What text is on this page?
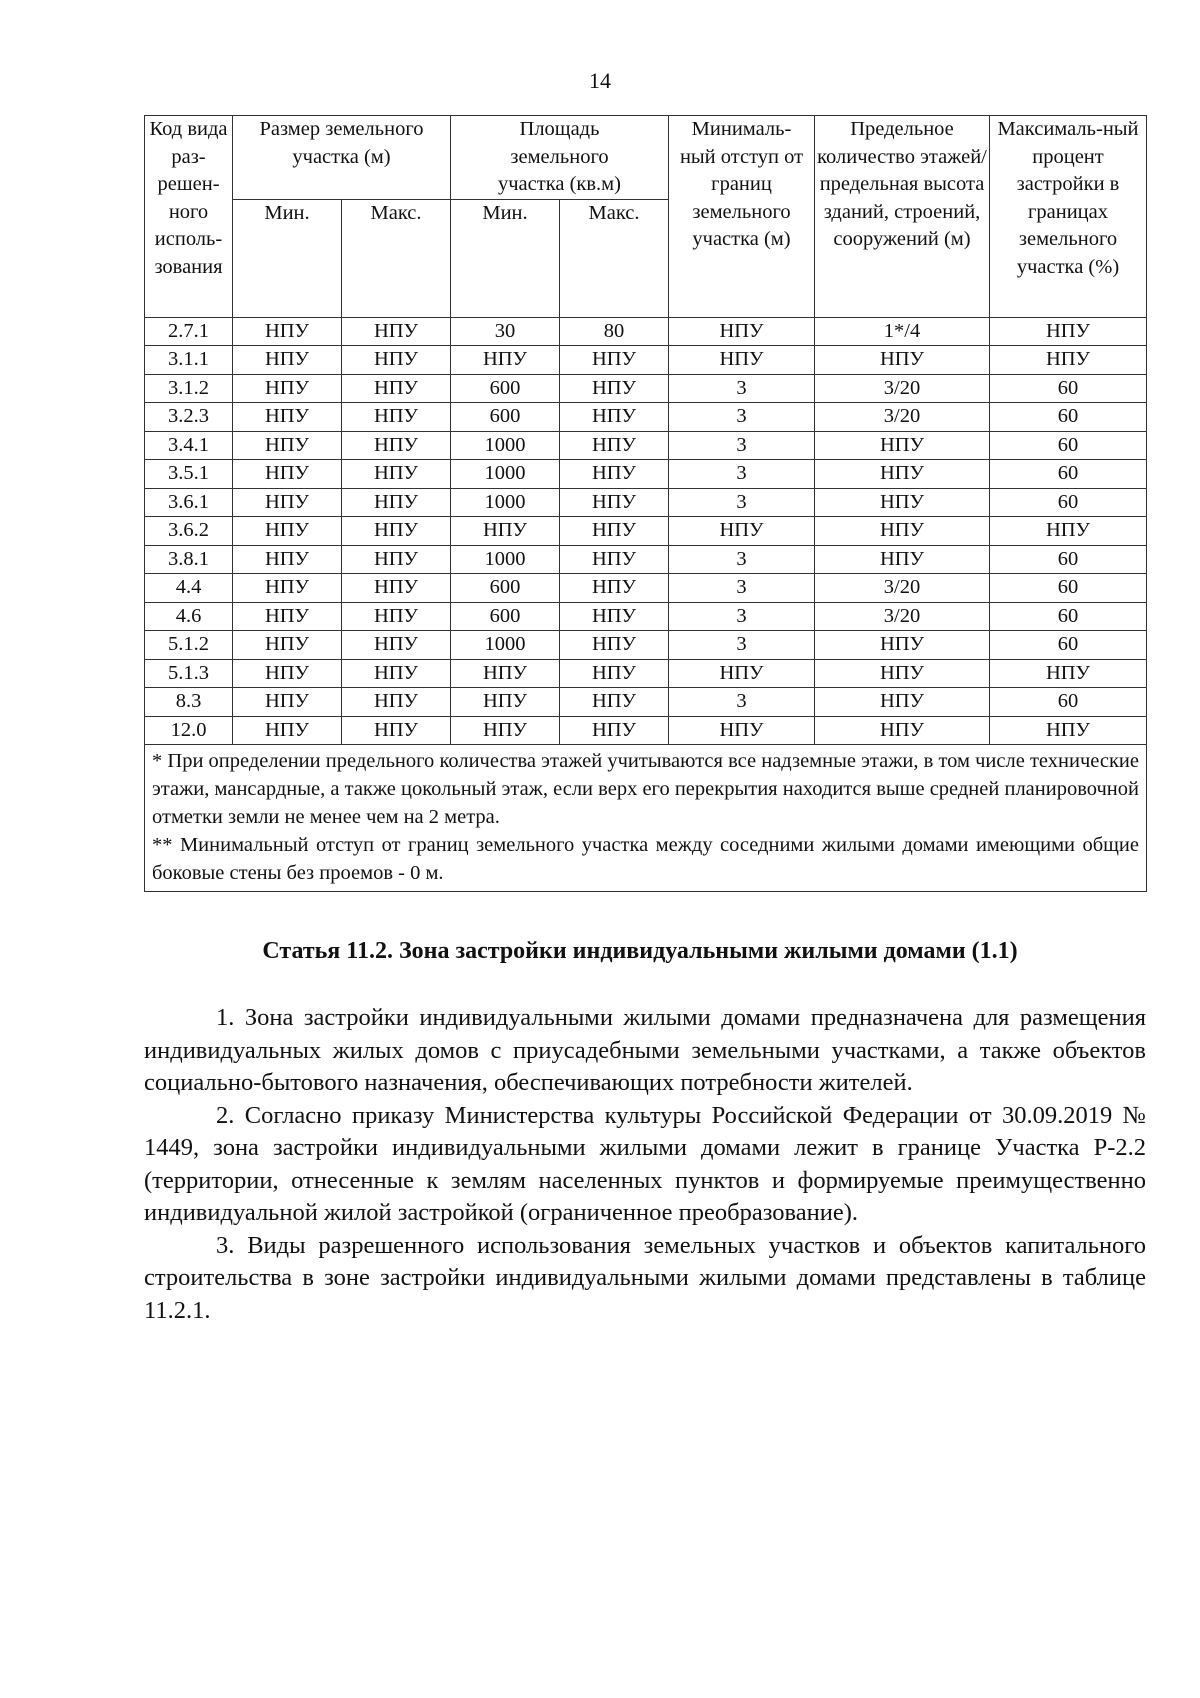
14
Код вида раз-решен-ного исполь-зования	Размер земельного участка (м)		Площадь земельного участка (кв.м)		Минималь-ный отступ от границ земельного участка (м)	Предельное количество этажей/ предельная высота зданий, строений, сооружений (м)	Максималь-ный процент застройки в границах земельного участка (%)
	Мин.	Макс.	Мин.	Макс.			
2.7.1	НПУ	НПУ	30	80	НПУ	1*/4	НПУ
3.1.1	НПУ	НПУ	НПУ	НПУ	НПУ	НПУ	НПУ
3.1.2	НПУ	НПУ	600	НПУ	3	3/20	60
3.2.3	НПУ	НПУ	600	НПУ	3	3/20	60
3.4.1	НПУ	НПУ	1000	НПУ	3	НПУ	60
3.5.1	НПУ	НПУ	1000	НПУ	3	НПУ	60
3.6.1	НПУ	НПУ	1000	НПУ	3	НПУ	60
3.6.2	НПУ	НПУ	НПУ	НПУ	НПУ	НПУ	НПУ
3.8.1	НПУ	НПУ	1000	НПУ	3	НПУ	60
4.4	НПУ	НПУ	600	НПУ	3	3/20	60
4.6	НПУ	НПУ	600	НПУ	3	3/20	60
5.1.2	НПУ	НПУ	1000	НПУ	3	НПУ	60
5.1.3	НПУ	НПУ	НПУ	НПУ	НПУ	НПУ	НПУ
8.3	НПУ	НПУ	НПУ	НПУ	3	НПУ	60
12.0	НПУ	НПУ	НПУ	НПУ	НПУ	НПУ	НПУ

* При определении предельного количества этажей учитываются все надземные этажи, в том числе технические этажи, мансардные, а также цокольный этаж, если верх его перекрытия находится выше средней планировочной отметки земли не менее чем на 2 метра.
** Минимальный отступ от границ земельного участка между соседними жилыми домами имеющими общие боковые стены без проемов - 0 м.							
Статья 11.2. Зона застройки индивидуальными жилыми домами (1.1)

1. Зона застройки индивидуальными жилыми домами предназначена для размещения индивидуальных жилых домов с приусадебными земельными участками, а также объектов социально-бытового назначения, обеспечивающих потребности жителей.

2. Согласно приказу Министерства культуры Российской Федерации от 30.09.2019 № 1449, зона застройки индивидуальными жилыми домами лежит в границе Участка Р-2.2 (территории, отнесенные к землям населенных пунктов и формируемые преимущественно индивидуальной жилой застройкой (ограниченное преобразование).

3. Виды разрешенного использования земельных участков и объектов капитального строительства в зоне застройки индивидуальными жилыми домами представлены в таблице 11.2.1.
